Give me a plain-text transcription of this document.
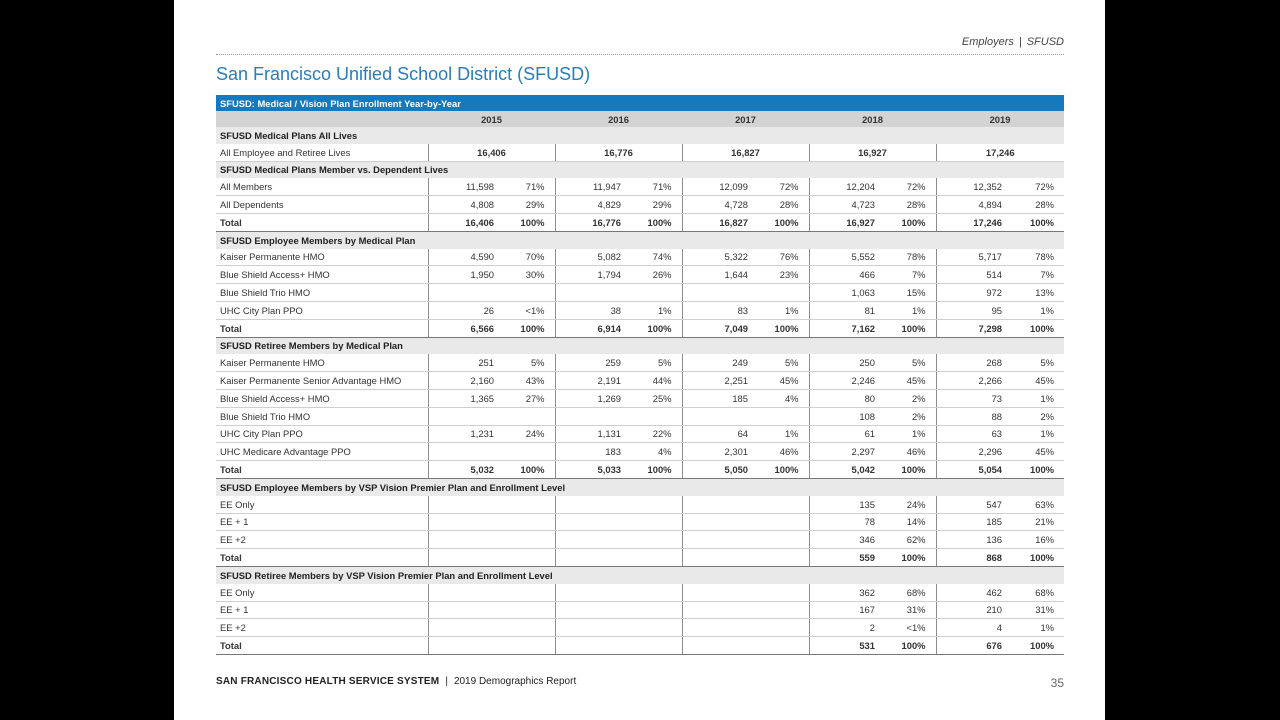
Employers | SFUSD
San Francisco Unified School District (SFUSD)
SFUSD: Medical / Vision Plan Enrollment Year-by-Year										
	2015		2016		2017		2018		2019	
SFUSD Medical Plans All Lives										
All Employee and Retiree Lives	16,406		16,776		16,827		16,927		17,246	
SFUSD Medical Plans Member vs. Dependent Lives										
All Members	11,598	71%	11,947	71%	12,099	72%	12,204	72%	12,352	72%
All Dependents	4,808	29%	4,829	29%	4,728	28%	4,723	28%	4,894	28%
Total	16,406	100%	16,776	100%	16,827	100%	16,927	100%	17,246	100%
SFUSD Employee Members by Medical Plan										
Kaiser Permanente HMO	4,590	70%	5,082	74%	5,322	76%	5,552	78%	5,717	78%
Blue Shield Access+ HMO	1,950	30%	1,794	26%	1,644	23%	466	7%	514	7%
Blue Shield Trio HMO							1,063	15%	972	13%
UHC City Plan PPO	26	<1%	38	1%	83	1%	81	1%	95	1%
Total	6,566	100%	6,914	100%	7,049	100%	7,162	100%	7,298	100%
SFUSD Retiree Members by Medical Plan										
Kaiser Permanente HMO	251	5%	259	5%	249	5%	250	5%	268	5%
Kaiser Permanente Senior Advantage HMO	2,160	43%	2,191	44%	2,251	45%	2,246	45%	2,266	45%
Blue Shield Access+ HMO	1,365	27%	1,269	25%	185	4%	80	2%	73	1%
Blue Shield Trio HMO							108	2%	88	2%
UHC City Plan PPO	1,231	24%	1,131	22%	64	1%	61	1%	63	1%
UHC Medicare Advantage PPO			183	4%	2,301	46%	2,297	46%	2,296	45%
Total	5,032	100%	5,033	100%	5,050	100%	5,042	100%	5,054	100%
SFUSD Employee Members by VSP Vision Premier Plan and Enrollment Level										
EE Only							135	24%	547	63%
EE + 1							78	14%	185	21%
EE +2							346	62%	136	16%
Total							559	100%	868	100%
SFUSD Retiree Members by VSP Vision Premier Plan and Enrollment Level										
EE Only							362	68%	462	68%
EE + 1							167	31%	210	31%
EE +2							2	<1%	4	1%
Total							531	100%	676	100%
SAN FRANCISCO HEALTH SERVICE SYSTEM | 2019 Demographics Report	35
